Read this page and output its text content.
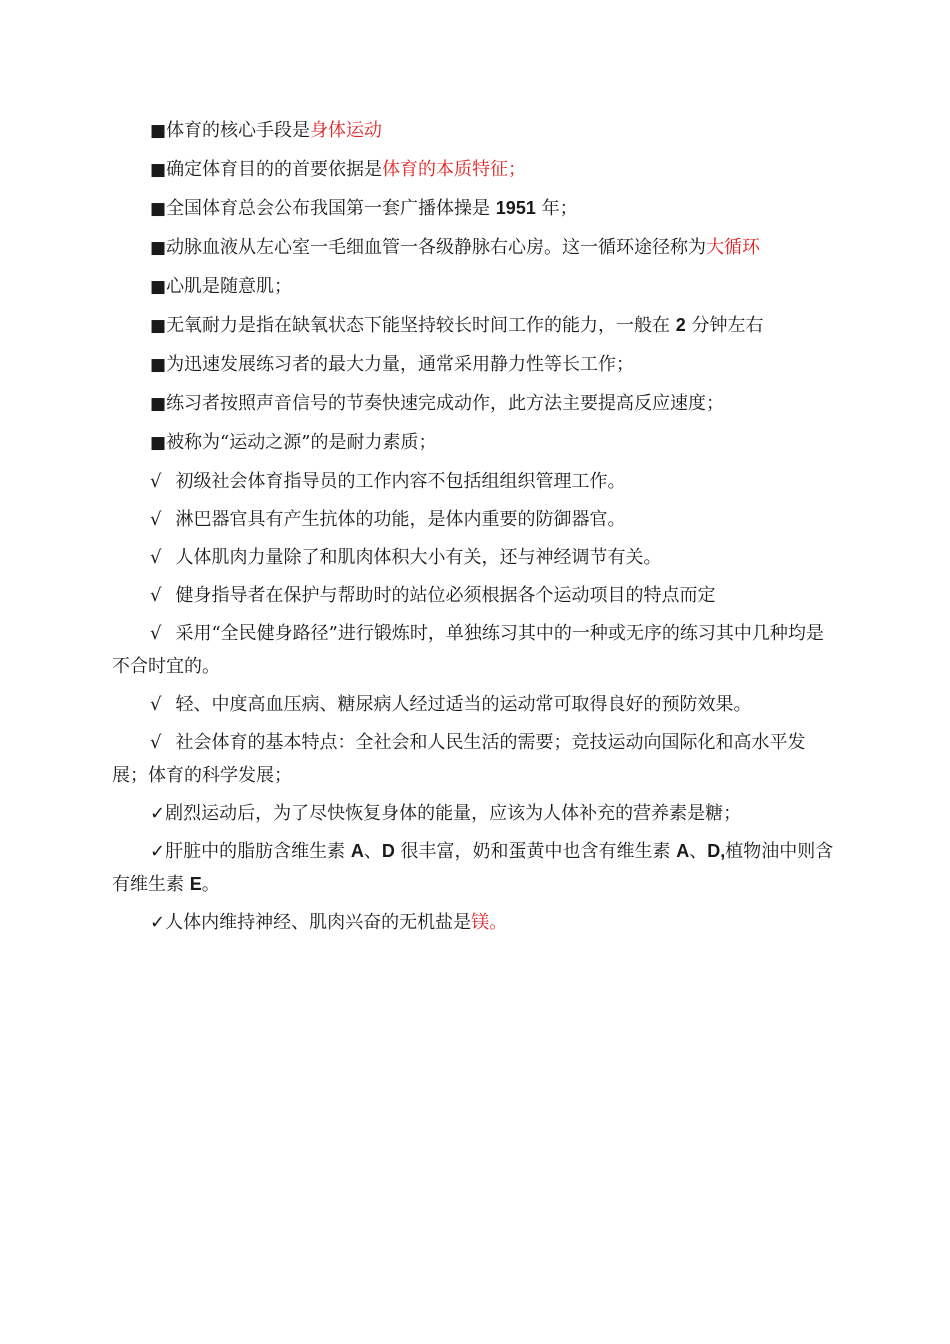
■体育的核心手段是身体运动
■确定体育目的的首要依据是体育的本质特征；
■全国体育总会公布我国第一套广播体操是 1951 年；
■动脉血液从左心室一毛细血管一各级静脉右心房。这一循环途径称为大循环
■心肌是随意肌；
■无氧耐力是指在缺氧状态下能坚持较长时间工作的能力，一般在 2 分钟左右
■为迅速发展练习者的最大力量，通常采用静力性等长工作；
■练习者按照声音信号的节奏快速完成动作，此方法主要提高反应速度；
■被称为“运动之源”的是耐力素质；
√ 初级社会体育指导员的工作内容不包括组组织管理工作。
√ 淋巴器官具有产生抗体的功能，是体内重要的防御器官。
√ 人体肌肉力量除了和肌肉体积大小有关，还与神经调节有关。
√ 健身指导者在保护与帮助时的站位必须根据各个运动项目的特点而定
√ 采用“全民健身路径”进行锻炼时，单独练习其中的一种或无序的练习其中几种均是不合时宜的。
√ 轻、中度高血压病、糖尿病人经过适当的运动常可取得良好的预防效果。
√ 社会体育的基本特点：全社会和人民生活的需要；竞技运动向国际化和高水平发展；体育的科学发展；
✓剧烈运动后，为了尽快恢复身体的能量，应该为人体补充的营养素是糖；
✓肝脏中的脂肪含维生素 A、D 很丰富，奶和蛋黄中也含有维生素 A、D,植物油中则含有维生素 E。
✓人体内维持神经、肌肉兴奋的无机盐是镁。
